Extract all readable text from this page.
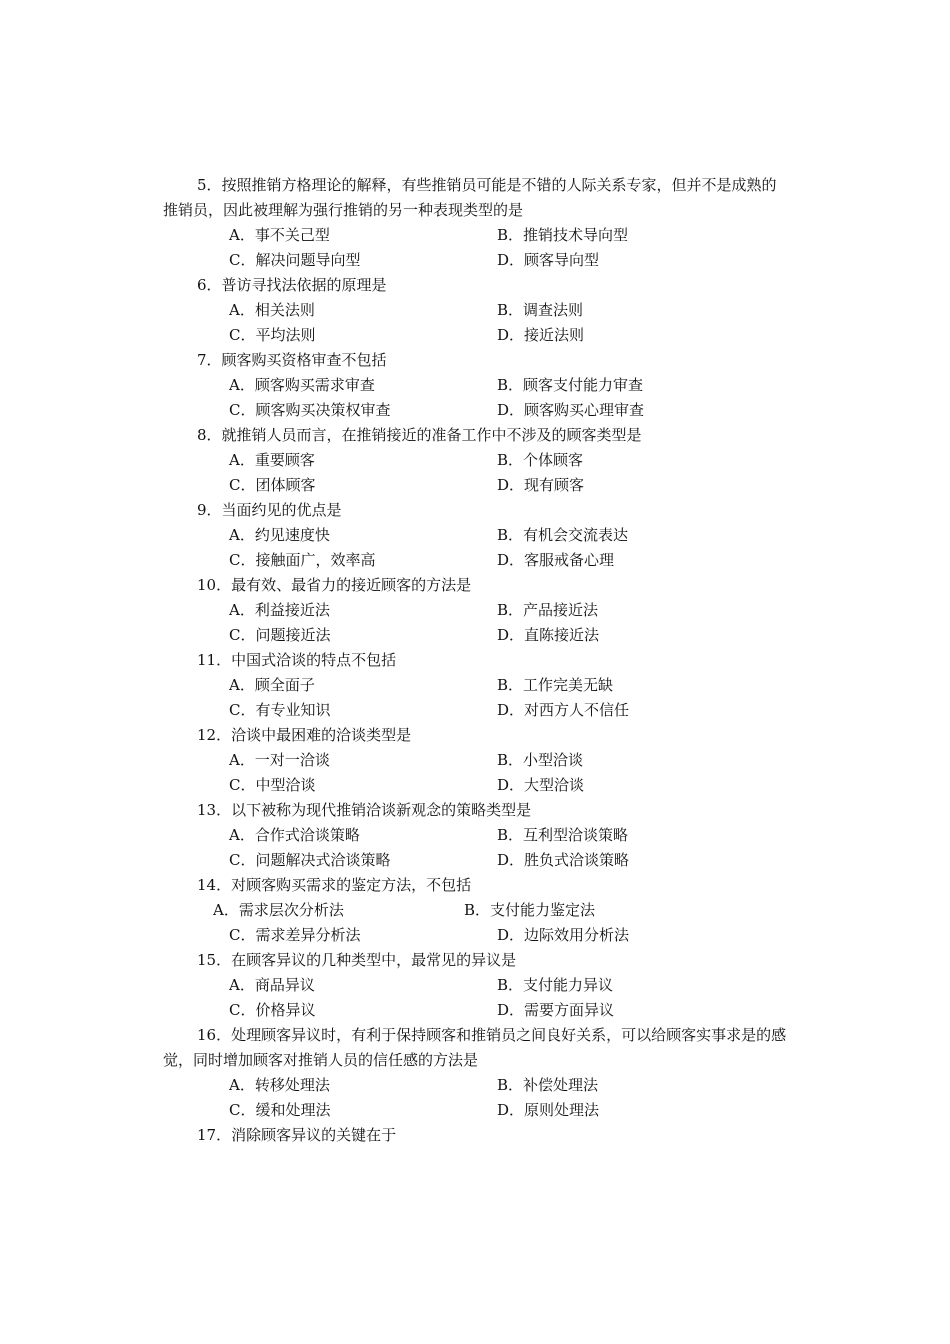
5．按照推销方格理论的解释，有些推销员可能是不错的人际关系专家，但并不是成熟的推销员，因此被理解为强行推销的另一种表现类型的是
A．事不关己型	B．推销技术导向型
C．解决问题导向型	D．顾客导向型
6．普访寻找法依据的原理是
A．相关法则	B．调查法则
C．平均法则	D．接近法则
7．顾客购买资格审查不包括
A．顾客购买需求审查	B．顾客支付能力审查
C．顾客购买决策权审查	D．顾客购买心理审查
8．就推销人员而言，在推销接近的准备工作中不涉及的顾客类型是
A．重要顾客	B．个体顾客
C．团体顾客	D．现有顾客
9．当面约见的优点是
A．约见速度快	B．有机会交流表达
C．接触面广，效率高	D．客服戒备心理
10．最有效、最省力的接近顾客的方法是
A．利益接近法	B．产品接近法
C．问题接近法	D．直陈接近法
11．中国式洽谈的特点不包括
A．顾全面子	B．工作完美无缺
C．有专业知识	D．对西方人不信任
12．洽谈中最困难的洽谈类型是
A．一对一洽谈	B．小型洽谈
C．中型洽谈	D．大型洽谈
13．以下被称为现代推销洽谈新观念的策略类型是
A．合作式洽谈策略	B．互利型洽谈策略
C．问题解决式洽谈策略	D．胜负式洽谈策略
14．对顾客购买需求的鉴定方法，不包括
A．需求层次分析法	B．支付能力鉴定法
C．需求差异分析法	D．边际效用分析法
15．在顾客异议的几种类型中，最常见的异议是
A．商品异议	B．支付能力异议
C．价格异议	D．需要方面异议
16．处理顾客异议时，有利于保持顾客和推销员之间良好关系，可以给顾客实事求是的感觉，同时增加顾客对推销人员的信任感的方法是
A．转移处理法	B．补偿处理法
C．缓和处理法	D．原则处理法
17．消除顾客异议的关键在于
